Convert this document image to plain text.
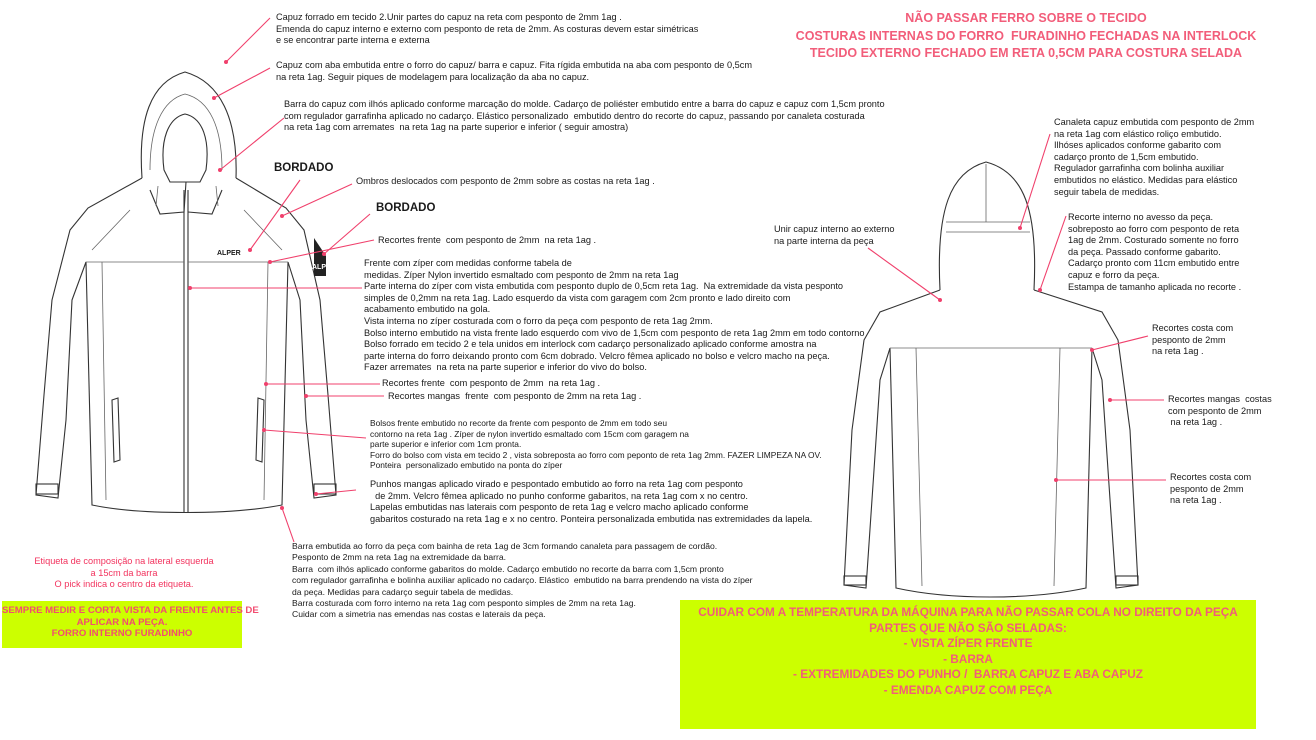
ALPER
ALP
NÃO PASSAR FERRO SOBRE O TECIDO
COSTURAS INTERNAS DO FORRO  FURADINHO FECHADAS NA INTERLOCK
TECIDO EXTERNO FECHADO EM RETA 0,5CM PARA COSTURA SELADA
Capuz forrado em tecido 2.Unir partes do capuz na reta com pesponto de 2mm 1ag .
Emenda do capuz interno e externo com pesponto de reta de 2mm. As costuras devem estar simétricas
e se encontrar parte interna e externa
Capuz com aba embutida entre o forro do capuz/ barra e capuz. Fita rígida embutida na aba com pesponto de 0,5cm
na reta 1ag. Seguir piques de modelagem para localização da aba no capuz.
Barra do capuz com ilhós aplicado conforme marcação do molde. Cadarço de poliéster embutido entre a barra do capuz e capuz com 1,5cm pronto
com regulador garrafinha aplicado no cadarço. Elástico personalizado  embutido dentro do recorte do capuz, passando por canaleta costurada
na reta 1ag com arremates  na reta 1ag na parte superior e inferior ( seguir amostra)
BORDADO
Ombros deslocados com pesponto de 2mm sobre as costas na reta 1ag .
BORDADO
Recortes frente  com pesponto de 2mm  na reta 1ag .
Frente com zíper com medidas conforme tabela de
medidas. Zíper Nylon invertido esmaltado com pesponto de 2mm na reta 1ag
Parte interna do zíper com vista embutida com pesponto duplo de 0,5cm reta 1ag.  Na extremidade da vista pesponto
simples de 0,2mm na reta 1ag. Lado esquerdo da vista com garagem com 2cm pronto e lado direito com
acabamento embutido na gola.
Vista interna no zíper costurada com o forro da peça com pesponto de reta 1ag 2mm.
Bolso interno embutido na vista frente lado esquerdo com vivo de 1,5cm com pesponto de reta 1ag 2mm em todo contorno
Bolso forrado em tecido 2 e tela unidos em interlock com cadarço personalizado aplicado conforme amostra na
parte interna do forro deixando pronto com 6cm dobrado. Velcro fêmea aplicado no bolso e velcro macho na peça.
Fazer arremates  na reta na parte superior e inferior do vivo do bolso.
Recortes frente  com pesponto de 2mm  na reta 1ag .
Recortes mangas  frente  com pesponto de 2mm na reta 1ag .
Bolsos frente embutido no recorte da frente com pesponto de 2mm em todo seu
contorno na reta 1ag . Zíper de nylon invertido esmaltado com 15cm com garagem na
parte superior e inferior com 1cm pronta.
Forro do bolso com vista em tecido 2 , vista sobreposta ao forro com peponto de reta 1ag 2mm. FAZER LIMPEZA NA OV.
Ponteira  personalizado embutido na ponta do zíper
Punhos mangas aplicado virado e pespontado embutido ao forro na reta 1ag com pesponto
de 2mm. Velcro fêmea aplicado no punho conforme gabaritos, na reta 1ag com x no centro.
Lapelas embutidas nas laterais com pesponto de reta 1ag e velcro macho aplicado conforme
gabaritos costurado na reta 1ag e x no centro. Ponteira personalizada embutida nas extremidades da lapela.
Barra embutida ao forro da peça com bainha de reta 1ag de 3cm formando canaleta para passagem de cordão.
Pesponto de 2mm na reta 1ag na extremidade da barra.
Barra  com ilhós aplicado conforme gabaritos do molde. Cadarço embutido no recorte da barra com 1,5cm pronto
com regulador garrafinha e bolinha auxiliar aplicado no cadarço. Elástico  embutido na barra prendendo na vista do zíper
da peça. Medidas para cadarço seguir tabela de medidas.
Barra costurada com forro interno na reta 1ag com pesponto simples de 2mm na reta 1ag.
Cuidar com a simetria nas emendas nas costas e laterais da peça.
Etiqueta de composição na lateral esquerda
a 15cm da barra
O pick indica o centro da etiqueta.
SEMPRE MEDIR E CORTA VISTA DA FRENTE ANTES DE
APLICAR NA PEÇA.
FORRO INTERNO FURADINHO
Canaleta capuz embutida com pesponto de 2mm
na reta 1ag com elástico roliço embutido.
Ilhóses aplicados conforme gabarito com
cadarço pronto de 1,5cm embutido.
Regulador garrafinha com bolinha auxiliar
embutidos no elástico. Medidas para elástico
seguir tabela de medidas.
Unir capuz interno ao externo
na parte interna da peça
Recorte interno no avesso da peça.
sobreposto ao forro com pesponto de reta
1ag de 2mm. Costurado somente no forro
da peça. Passado conforme gabarito.
Cadarço pronto com 11cm embutido entre
capuz e forro da peça.
Estampa de tamanho aplicada no recorte .
Recortes costa com
pesponto de 2mm
na reta 1ag .
Recortes mangas  costas
com pesponto de 2mm
na reta 1ag .
Recortes costa com
pesponto de 2mm
na reta 1ag .
CUIDAR COM A TEMPERATURA DA MÁQUINA PARA NÃO PASSAR COLA NO DIREITO DA PEÇA
PARTES QUE NÃO SÃO SELADAS:
- VISTA ZÍPER FRENTE
- BARRA
- EXTREMIDADES DO PUNHO /  BARRA CAPUZ E ABA CAPUZ
- EMENDA CAPUZ COM PEÇA
